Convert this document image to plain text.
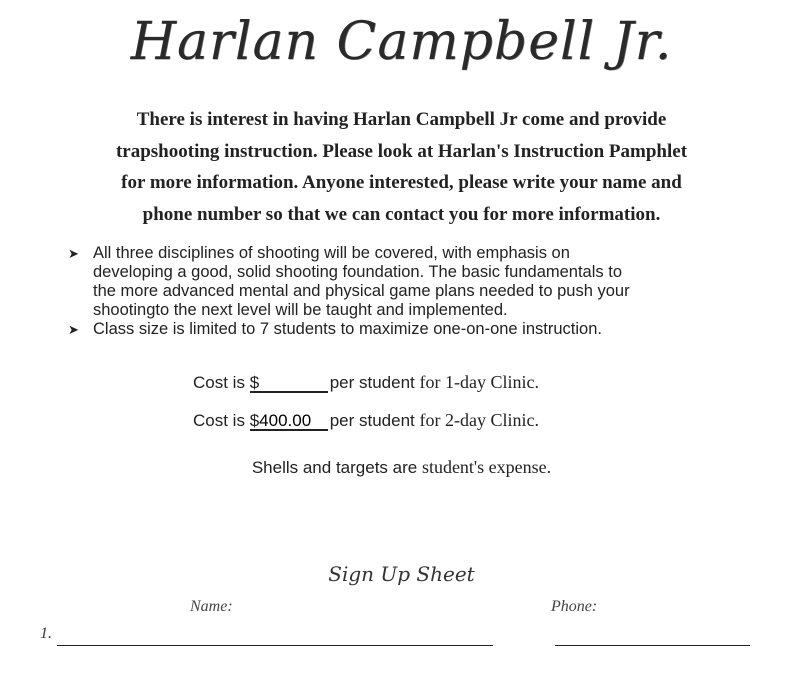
Harlan Campbell Jr.
There is interest in having Harlan Campbell Jr come and provide
trapshooting instruction. Please look at Harlan's Instruction Pamphlet
for more information. Anyone interested, please write your name and
phone number so that we can contact you for more information.
➤ All three disciplines of shooting will be covered, with emphasis on
developing a good, solid shooting foundation. The basic fundamentals to
the more advanced mental and physical game plans needed to push your
shootingto the next level will be taught and implemented.
➤ Class size is limited to 7 students to maximize one-on-one instruction.
Cost is $	per student for 1-day Clinic.
Cost is $400.00 per student for 2-day Clinic.
Shells and targets are student's expense.
Sign Up Sheet
Name:	Phone:
1.
